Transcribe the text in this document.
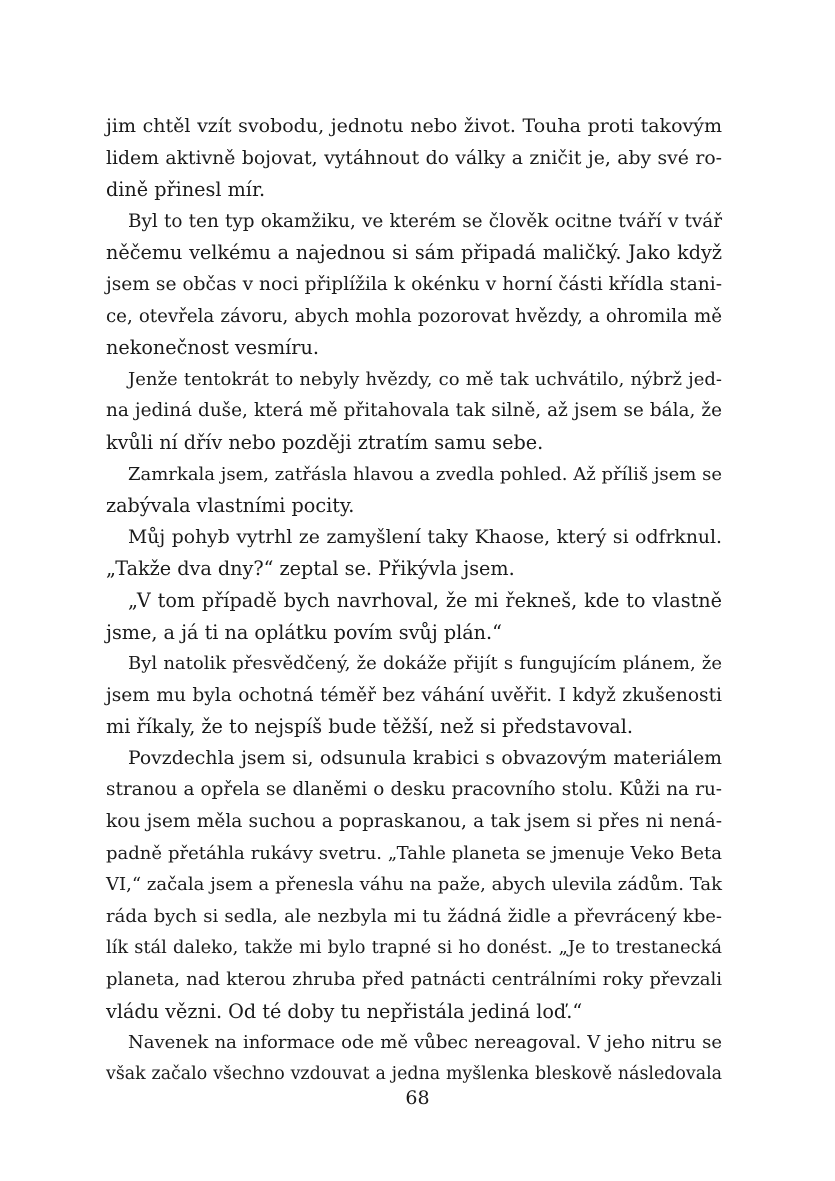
jim chtěl vzít svobodu, jednotu nebo život. Touha proti takovým
lidem aktivně bojovat, vytáhnout do války a zničit je, aby své ro-
dině přinesl mír.
Byl to ten typ okamžiku, ve kterém se člověk ocitne tváří v tvář
něčemu velkému a najednou si sám připadá maličký. Jako když
jsem se občas v noci připlížila k okénku v horní části křídla stani-
ce, otevřela závoru, abych mohla pozorovat hvězdy, a ohromila mě
nekonečnost vesmíru.
Jenže tentokrát to nebyly hvězdy, co mě tak uchvátilo, nýbrž jed-
na jediná duše, která mě přitahovala tak silně, až jsem se bála, že
kvůli ní dřív nebo později ztratím samu sebe.
Zamrkala jsem, zatřásla hlavou a zvedla pohled. Až příliš jsem se
zabývala vlastními pocity.
Můj pohyb vytrhl ze zamyšlení taky Khaose, který si odfrknul.
„Takže dva dny?“ zeptal se. Přikývla jsem.
„V tom případě bych navrhoval, že mi řekneš, kde to vlastně
jsme, a já ti na oplátku povím svůj plán.“
Byl natolik přesvědčený, že dokáže přijít s fungujícím plánem, že
jsem mu byla ochotná téměř bez váhání uvěřit. I když zkušenosti
mi říkaly, že to nejspíš bude těžší, než si představoval.
Povzdechla jsem si, odsunula krabici s obvazovým materiálem
stranou a opřela se dlaněmi o desku pracovního stolu. Kůži na ru-
kou jsem měla suchou a popraskanou, a tak jsem si přes ni nená-
padně přetáhla rukávy svetru. „Tahle planeta se jmenuje Veko Beta
VI,“ začala jsem a přenesla váhu na paže, abych ulevila zádům. Tak
ráda bych si sedla, ale nezbyla mi tu žádná židle a převrácený kbe-
lík stál daleko, takže mi bylo trapné si ho donést. „Je to trestanecká
planeta, nad kterou zhruba před patnácti centrálními roky převzali
vládu vězni. Od té doby tu nepřistála jediná loď.“
Navenek na informace ode mě vůbec nereagoval. V jeho nitru se
však začalo všechno vzdouvat a jedna myšlenka bleskově následovala
68
